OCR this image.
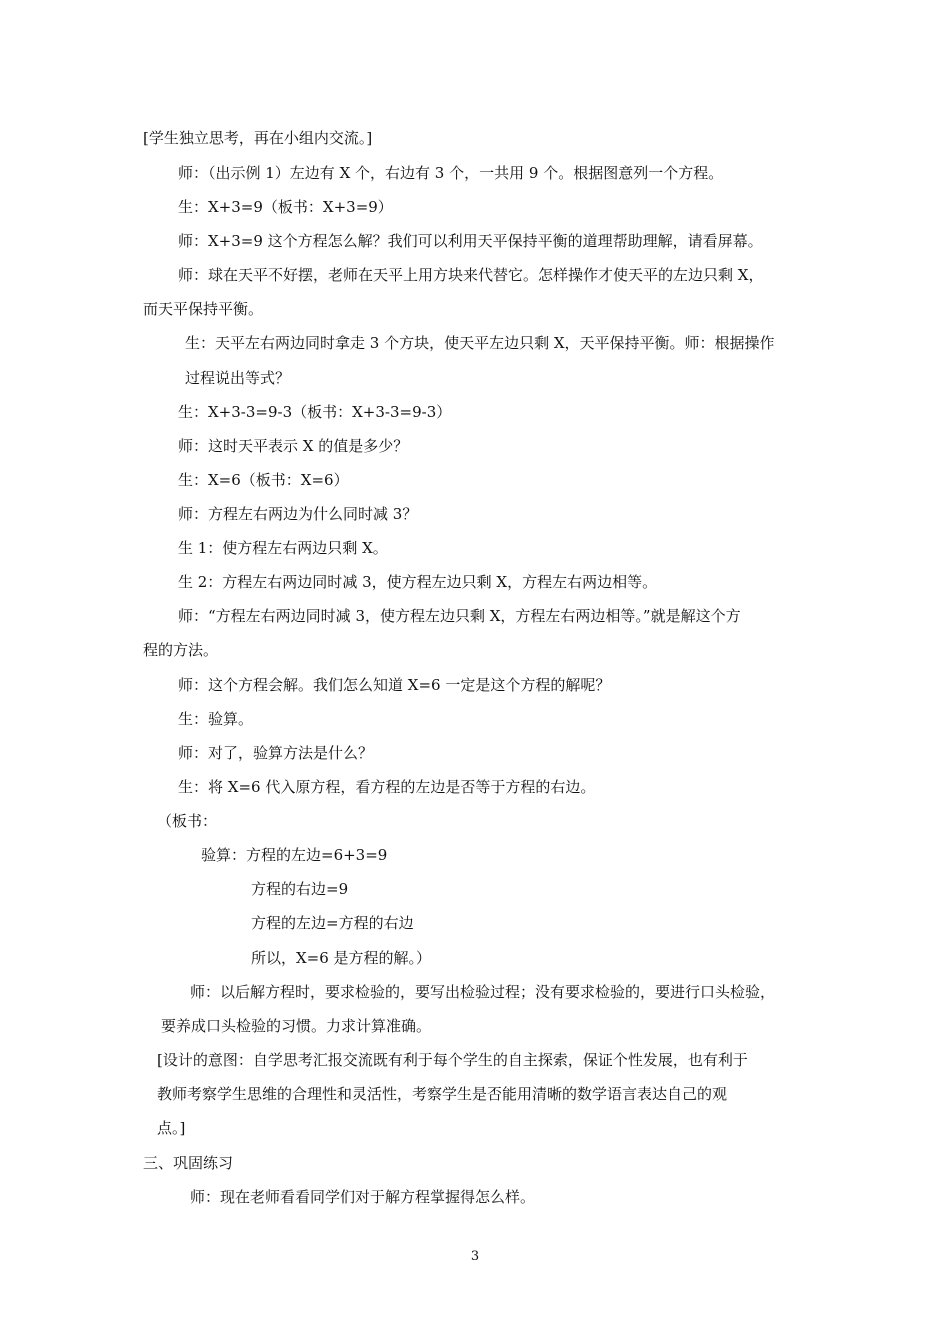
[学生独立思考，再在小组内交流。]
师：（出示例 1）左边有 X 个，右边有 3 个，一共用 9 个。根据图意列一个方程。
生：X+3=9（板书：X+3=9）
师：X+3=9 这个方程怎么解？我们可以利用天平保持平衡的道理帮助理解，请看屏幕。
师：球在天平不好摆，老师在天平上用方块来代替它。怎样操作才使天平的左边只剩 X，
而天平保持平衡。
生：天平左右两边同时拿走 3 个方块，使天平左边只剩 X，天平保持平衡。师：根据操作
过程说出等式？
生：X+3-3=9-3（板书：X+3-3=9-3）
师：这时天平表示 X 的值是多少？
生：X=6（板书：X=6）
师：方程左右两边为什么同时减 3？
生 1：使方程左右两边只剩 X。
生 2：方程左右两边同时减 3，使方程左边只剩 X，方程左右两边相等。
师：“方程左右两边同时减 3，使方程左边只剩 X，方程左右两边相等。”就是解这个方
程的方法。
师：这个方程会解。我们怎么知道 X=6 一定是这个方程的解呢？
生：验算。
师：对了，验算方法是什么？
生：将 X=6 代入原方程，看方程的左边是否等于方程的右边。
（板书：
验算：方程的左边=6+3=9
方程的右边=9
方程的左边=方程的右边
所以，X=6 是方程的解。）
师：以后解方程时，要求检验的，要写出检验过程；没有要求检验的，要进行口头检验，
要养成口头检验的习惯。力求计算准确。
[设计的意图：自学思考汇报交流既有利于每个学生的自主探索，保证个性发展，也有利于
教师考察学生思维的合理性和灵活性，考察学生是否能用清晰的数学语言表达自己的观
点。]
三、巩固练习
师：现在老师看看同学们对于解方程掌握得怎么样。
3
